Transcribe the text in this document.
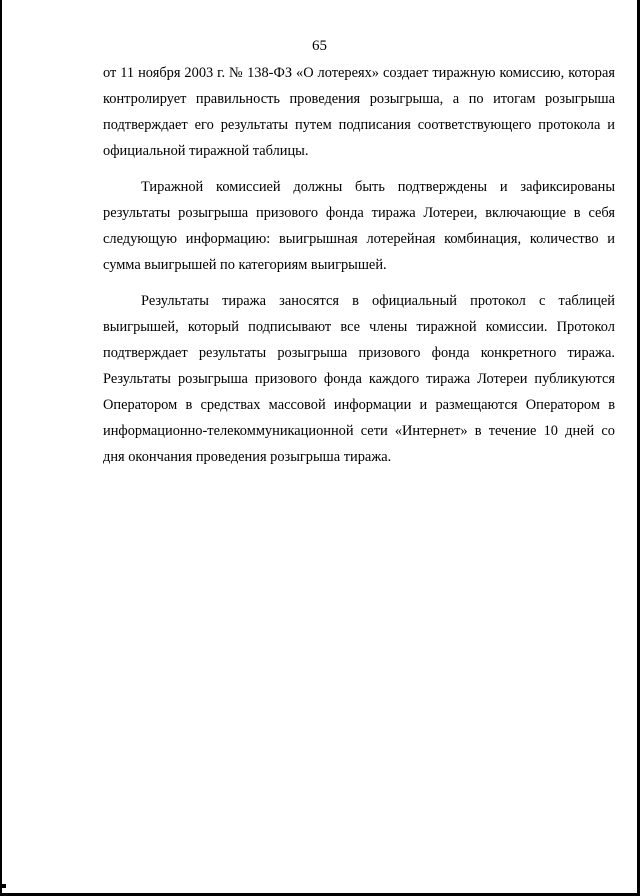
65

от 11 ноября 2003 г. № 138-ФЗ «О лотереях» создает тиражную комиссию, которая контролирует правильность проведения розыгрыша, а по итогам розыгрыша подтверждает его результаты путем подписания соответствующего протокола и официальной тиражной таблицы.

Тиражной комиссией должны быть подтверждены и зафиксированы результаты розыгрыша призового фонда тиража Лотереи, включающие в себя следующую информацию: выигрышная лотерейная комбинация, количество и сумма выигрышей по категориям выигрышей.

Результаты тиража заносятся в официальный протокол с таблицей выигрышей, который подписывают все члены тиражной комиссии. Протокол подтверждает результаты розыгрыша призового фонда конкретного тиража. Результаты розыгрыша призового фонда каждого тиража Лотереи публикуются Оператором в средствах массовой информации и размещаются Оператором в информационно-телекоммуникационной сети «Интернет» в течение 10 дней со дня окончания проведения розыгрыша тиража.
